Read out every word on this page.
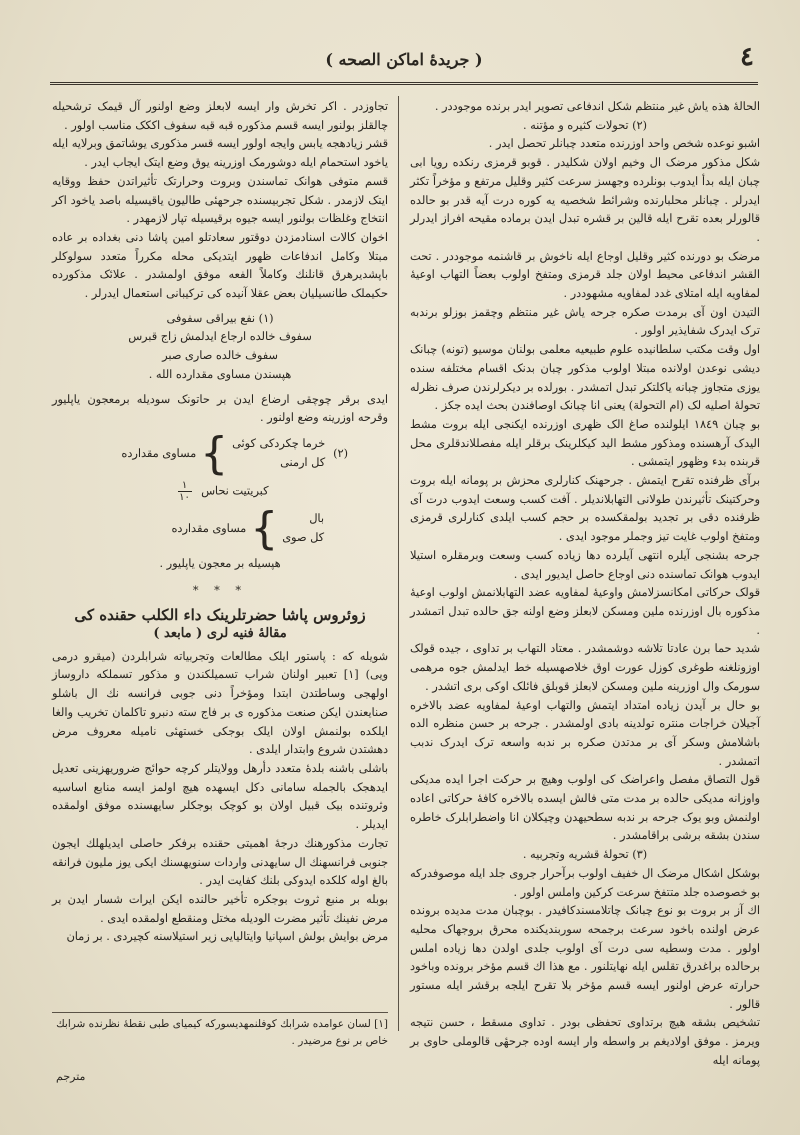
٤
( جريدهٔ اماكن الصحه )

الحالهٔ هذه یاش غیر منتظم شکل اندفاعی تصویر ایدر برنده موجوددر .

(٢) تحولات کثیره و مؤتنه .

اشبو نوعده شخص واحد اوزرنده متعدد چبانلر تحصل ایدر .

شکل مذکور مرضک ال وخیم اولان شکلیدر . قوبو قرمزی رنکده رویا ابی چبان ایله بدأ ایدوب بونلرده وجهسز سرعت کثیر وقلیل مرتفع و مؤخراً تکثر ایدرلر . چبانلر محلبارنده وشرائط شخصیه یه کوره درت آیه قدر بو حالده قالورلر بعده تقرح ایله قالین بر قشره تبدل ایدن برماده مقیحه افراز ایدرلر .

مرضک بو دورنده کثیر وقلیل اوجاع ایله ناخوش بر قاشنمه موجوددر . تحت القشر اندفاعی محیط اولان جلد قرمزی ومتفخ اولوب بعضاً التهاب اوعیهٔ لمفاویه ایله امتلای غدد لمفاویه مشهوددر .

التیدن اون آی برمدت صکره جرحه یاش غیر منتظم وچقمز بوزلو برندبه ترک ایدرک شفایذیر اولور .

اول وقت مکتب سلطانیده علوم طبیعیه معلمی بولنان موسیو (تونه) چبانک دیشی نوعدن اولانده مبتلا اولوب مذکور چبان بدنک اقسام مختلفه سنده یوزی متجاوز چبانه یاکلتکر تبدل اتمشدر . بورلده بر دیکرلرندن صرف نظرله تحولهٔ اصلیه لک (ام التحولة) یعنی انا چبانک اوصافندن بحث ایده جکز .

بو چبان ١٨٤٩ ایلولنده صاغ الک ظهری اوزرنده ایکنجی ایله بروت مشط الیدک آرهسنده ومذکور مشط الید کیکلرینک برقلر ایله مفصللاندقلری محل قربنده بدء وظهور ایتمشی .

برآی ظرفنده تقرح ایتمش . جرحهنک کنارلری محزش بر پومانه ایله بروت وحرکتینک تأثیرندن طولانی التهابلانديلر . آفت کسب وسعت ایدوب درت آی ظرفنده دقی بر تجدید بولمقکسده بر حجم کسب ایلدی کنارلری قرمزی ومتفخ اولوب غایت تیز وجملر موجود ایدی .

جرحه بشنجی آیلره انتهی آیلرده دها زیاده کسب وسعت وبرمقلره استیلا ایدوب هوانک تماسنده دنی اوجاع حاصل ایدیور ایدی .

قولک حرکاتی امکانسزلامش واوعیهٔ لمفاویه عضد التهابلانمش اولوب اوعیهٔ مذکوره بال اوزرنده ملین ومسکن لابعلز وضع اولنه جق حالده تبدل اتمشدر .

شدید حما برن عادتا تلاشه دوشمشدر . معتاد التهاب بر تداوی ، جیده قولک اوزونلغنه طوغری کوزل عورت اوق خلاصهسیله خط ایدلمش جوه مرهمی سورمک وال اوزرینه ملین ومسکن لابعلز قوبلق فائلک اوکی بری اتشدر .

بو حال بر آیدن زیاده امتداد ایتمش والتهاب اوعیهٔ لمفاویه عضد بالاخره آجیلان خراجات منتره تولدینه بادی اولمشدر . جرحه بر حسن منظره الده باشلامش وسکر آی بر مدتدن صکره بر ندبه واسعه ترک ایدرک ندبب اتمشدر .

قول التصاق مفصل واعراضک کی اولوب وهیچ بر حرکت اجرا ایده مدیکی واوزانه مدیکی حالده بر مدت متی فالش ایسده بالاخره کافهٔ حرکاتی اعاده اولنمش وبو یوک جرحه بر ندبه سطحیهدن وچیکلان انا واضطرابلرک خاطره سندن بشقه برشی براقامشدر .

(٣) تحولهٔ قشریه وتجربیه .

بوشکل اشکال مرضک ال خفیف اولوب برآحرار جروی جلد ایله موصوفدرکه بو خصوصده جلد متتفخ سرعت کرکین واملس اولور .

اك آز بر بروت بو نوع چبانک چاتلامسندکافیدر . بوچبان مدت مدیده برونده عرض اولنده باخود سرعت برجمحه سوربندیکنده محرق بروجهاک محلیه اولور . مدت وسطیه سی درت آی اولوب جلدی اولدن دها زیاده املس برحالده براغدرق تقلس ایله نهایتلنور . مع هذا اك قسم مؤخر برونده وباخود حرارته عرض اولنور ایسه قسم مؤخر بلا تقرح ایلجه برقشر ایله مستور قالور .

تشخیص بشقه هیچ برتداوی تحفظی بودر . تداوی مسقط ، حسن نتیجه ویرمز . موفق اولاديغم بر واسطه وار ایسه اوده جرحهٔی قالوملی حاوی بر پومانه ایله

تجاوزدر . اکر تخرش وار ایسه لابعلز وضع اولنور آل قیمک ترشحیله چالقلز بولنور ایسه قسم مذکوره قبه قبه سفوف اککک مناسب اولور .

قشر زیادهجه یابس وایجه اولور ایسه قسر مذکوری یوشاتمق وبرلایه ایله یاخود استحمام ایله دوشورمک اوزرینه یوق وضع ایتک ایجاب ایدر .

قسم متوفی هوانک تماسندن وبروت وحرارتک تأثیراتدن حفظ ووقایه ایتک لازمدر . شکل تجربیسنده جرحهئی طالیون یاقیسیله باصد یاخود اکر انتخاج وغلظات بولنور ایسه جیوه برقیسیله تپار لازمهدر .

اخوان کالات اسنادمزدن دوقتور سعادتلو امین پاشا دنی بغداده بر عاده مبتلا وکامل اندفاعات ظهور ایتدیکی محله مکرراً متعدد سولوکلر باپشدیرهرق قانلنك وکاملاً الفعه موفق اولمشدر . علائک مذکورده حکیملک طانسیلیان بعض عقلا آنیده کی ترکیبانی استعمال ایدرلر .

(١) نفع بیراقی سفوفی

سفوف خالده ارجاع ایدلمش زاج قبرس

سفوف خالده صاری صبر

هپسندن مساوی مقدارده الله .

ایدی برقر چوچقی ارضاع ایدن بر حاتونک سودیله برمعجون یاپلیور وقرحه اوزرینه وضع اولنور .

(٢)
خرما چکردکی کوئی
کل ارمنی
}
مساوی مقدارده

کبریتیت نحاس
$\frac{١}{١٠}$

بال
کل صوی
}
مساوی مقدارده

هپسیله بر معجون یاپلیور .

* * *
زوئروس پاشا حضرتلرینک داء الکلب حقنده کی
مقالهٔ فنیه لری ( مابعد )

شویله که : پاستور ایلک مطالعات وتجربیاته شرابلردن (میقرو درمی ویی) [١] تعبیر اولنان شراب تسمیلکندن و مذکور تسملکه داروساز اولهجی وساطتدن ابتدا ومؤخراً دنی جوبی فرانسه نك ال باشلو صنایعندن ایکن صنعت مذکوره ی بر فاج سته دنبرو تاکلمان تخریب والغا ایلکده بولنمش اولان ایلک بوجکی خستهئی نامیله معروف مرض دهشتدن شروع وابتدار ایلدی .

باشلی باشنه بلدهٔ متعدد دأرهل وولایتلر کرچه حوائج ضروریهزینی تعدیل ایدهجک بالجمله سامانی دکل ایسهده هیچ اولمز ایسه منابع اساسیه وثروتنده بیک قبیل اولان بو کوچک بوجکلر سایهسنده موفق اولمقده ایدیلر .

تجارت مذکورهنك درجهٔ اهمیتی حقنده برفکر حاصلی ایدیلهلك ایجون جنوبی فرانسهنك ال سایهدنی واردات سنویهسنك ایکی یوز ملیون فرانقه بالغ اوله کلکده ایدوکی بلنك کفایت ایدر .

بوبله بر منبع ثروت بوجکره تأخیر حالنده ایکن ایرات شسار ایدن بر مرض نفینك تأثیر مضرت الودیله مختل ومنقطع اولمقده ایدی .

مرض بوایش بولش اسپانیا وایتالیایی زیر استیلاسنه کچیردی . بر زمان

[١] لسان عوامده شرابك کوفلنمهدیسورکه کیمیای طبی نقطهٔ نظرنده شرابك خاص بر نوع مرضیدر .
مترجم
